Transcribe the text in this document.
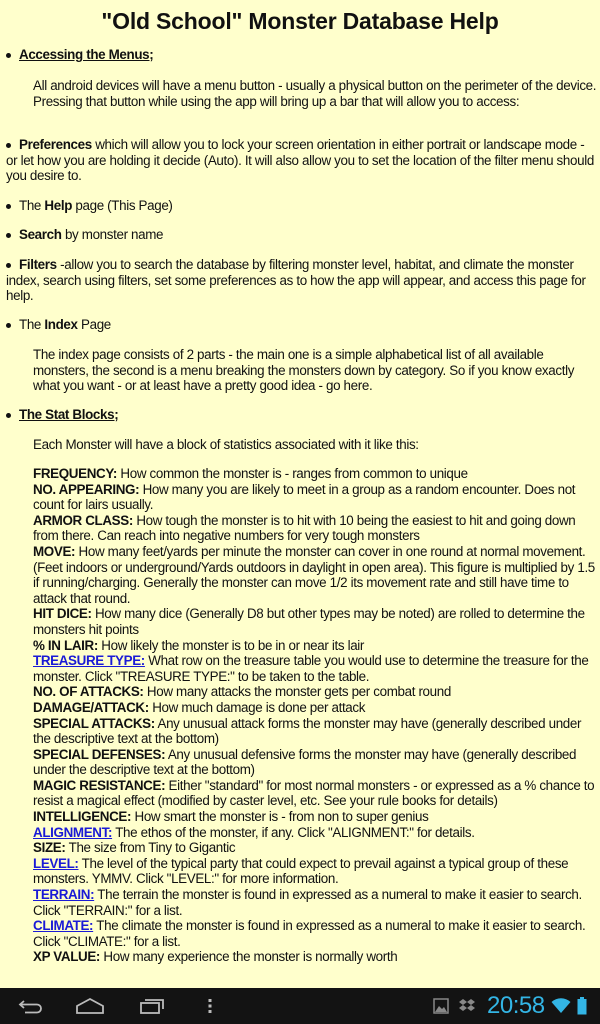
"Old School" Monster Database Help
Accessing the Menus;
All android devices will have a menu button - usually a physical button on the perimeter of the device. Pressing that button while using the app will bring up a bar that will allow you to access:
Preferences which will allow you to lock your screen orientation in either portrait or landscape mode - or let how you are holding it decide (Auto). It will also allow you to set the location of the filter menu should you desire to.
The Help page (This Page)
Search by monster name
Filters -allow you to search the database by filtering monster level, habitat, and climate the monster index, search using filters, set some preferences as to how the app will appear, and access this page for help.
The Index Page
The index page consists of 2 parts - the main one is a simple alphabetical list of all available monsters, the second is a menu breaking the monsters down by category. So if you know exactly what you want - or at least have a pretty good idea - go here.
The Stat Blocks;
Each Monster will have a block of statistics associated with it like this:
FREQUENCY: How common the monster is - ranges from common to unique
NO. APPEARING: How many you are likely to meet in a group as a random encounter. Does not count for lairs usually.
ARMOR CLASS: How tough the monster is to hit with 10 being the easiest to hit and going down from there. Can reach into negative numbers for very tough monsters
MOVE: How many feet/yards per minute the monster can cover in one round at normal movement. (Feet indoors or underground/Yards outdoors in daylight in open area). This figure is multiplied by 1.5 if running/charging. Generally the monster can move 1/2 its movement rate and still have time to attack that round.
HIT DICE: How many dice (Generally D8 but other types may be noted) are rolled to determine the monsters hit points
% IN LAIR: How likely the monster is to be in or near its lair
TREASURE TYPE: What row on the treasure table you would use to determine the treasure for the monster. Click "TREASURE TYPE:" to be taken to the table.
NO. OF ATTACKS: How many attacks the monster gets per combat round
DAMAGE/ATTACK: How much damage is done per attack
SPECIAL ATTACKS: Any unusual attack forms the monster may have (generally described under the descriptive text at the bottom)
SPECIAL DEFENSES: Any unusual defensive forms the monster may have (generally described under the descriptive text at the bottom)
MAGIC RESISTANCE: Either "standard" for most normal monsters - or expressed as a % chance to resist a magical effect (modified by caster level, etc. See your rule books for details)
INTELLIGENCE: How smart the monster is - from non to super genius
ALIGNMENT: The ethos of the monster, if any. Click "ALIGNMENT:" for details.
SIZE: The size from Tiny to Gigantic
LEVEL: The level of the typical party that could expect to prevail against a typical group of these monsters. YMMV. Click "LEVEL:" for more information.
TERRAIN: The terrain the monster is found in expressed as a numeral to make it easier to search. Click "TERRAIN:" for a list.
CLIMATE: The climate the monster is found in expressed as a numeral to make it easier to search. Click "CLIMATE:" for a list.
XP VALUE: How many experience the monster is normally worth
20:58
